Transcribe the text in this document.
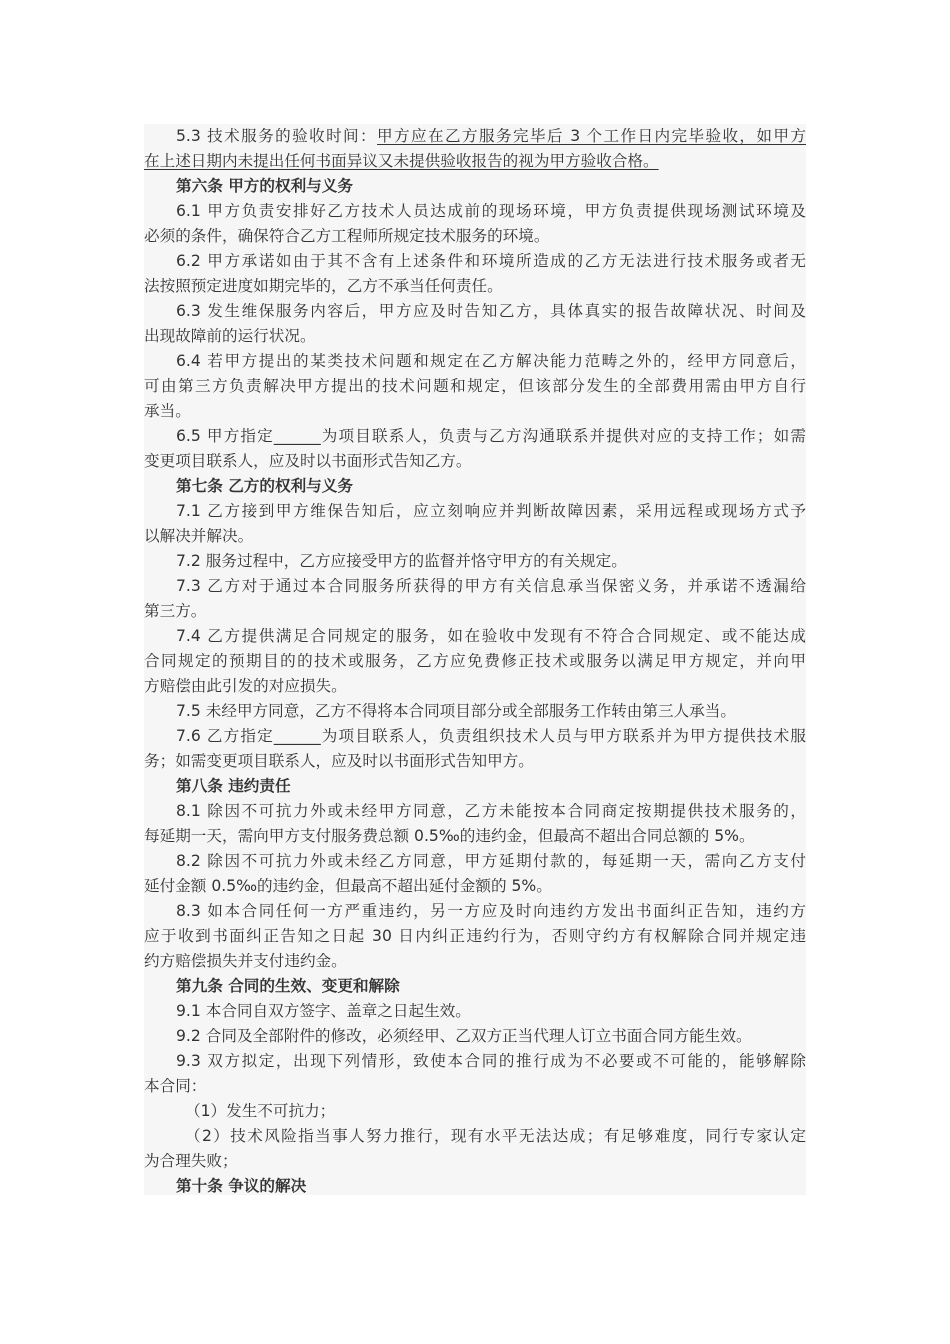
5.3 技术服务的验收时间：甲方应在乙方服务完毕后 3 个工作日内完毕验收，如甲方
在上述日期内未提出任何书面异议又未提供验收报告的视为甲方验收合格。
第六条 甲方的权利与义务
6.1 甲方负责安排好乙方技术人员达成前的现场环境，甲方负责提供现场测试环境及
必须的条件，确保符合乙方工程师所规定技术服务的环境。
6.2 甲方承诺如由于其不含有上述条件和环境所造成的乙方无法进行技术服务或者无
法按照预定进度如期完毕的，乙方不承当任何责任。
6.3 发生维保服务内容后，甲方应及时告知乙方，具体真实的报告故障状况、时间及
出现故障前的运行状况。
6.4 若甲方提出的某类技术问题和规定在乙方解决能力范畴之外的，经甲方同意后，
可由第三方负责解决甲方提出的技术问题和规定，但该部分发生的全部费用需由甲方自行
承当。
6.5 甲方指定______为项目联系人，负责与乙方沟通联系并提供对应的支持工作；如需
变更项目联系人，应及时以书面形式告知乙方。
第七条 乙方的权利与义务
7.1 乙方接到甲方维保告知后，应立刻响应并判断故障因素，采用远程或现场方式予
以解决并解决。
7.2 服务过程中，乙方应接受甲方的监督并恪守甲方的有关规定。
7.3 乙方对于通过本合同服务所获得的甲方有关信息承当保密义务，并承诺不透漏给
第三方。
7.4 乙方提供满足合同规定的服务，如在验收中发现有不符合合同规定、或不能达成
合同规定的预期目的的技术或服务，乙方应免费修正技术或服务以满足甲方规定，并向甲
方赔偿由此引发的对应损失。
7.5 未经甲方同意，乙方不得将本合同项目部分或全部服务工作转由第三人承当。
7.6 乙方指定______为项目联系人，负责组织技术人员与甲方联系并为甲方提供技术服
务；如需变更项目联系人，应及时以书面形式告知甲方。
第八条 违约责任
8.1 除因不可抗力外或未经甲方同意，乙方未能按本合同商定按期提供技术服务的，
每延期一天，需向甲方支付服务费总额 0.5‰的违约金，但最高不超出合同总额的 5%。
8.2 除因不可抗力外或未经乙方同意，甲方延期付款的，每延期一天，需向乙方支付
延付金额 0.5‰的违约金，但最高不超出延付金额的 5%。
8.3 如本合同任何一方严重违约，另一方应及时向违约方发出书面纠正告知，违约方
应于收到书面纠正告知之日起 30 日内纠正违约行为，否则守约方有权解除合同并规定违
约方赔偿损失并支付违约金。
第九条 合同的生效、变更和解除
9.1 本合同自双方签字、盖章之日起生效。
9.2 合同及全部附件的修改，必须经甲、乙双方正当代理人订立书面合同方能生效。
9.3 双方拟定，出现下列情形，致使本合同的推行成为不必要或不可能的，能够解除
本合同：
（1）发生不可抗力；
（2）技术风险指当事人努力推行，现有水平无法达成；有足够难度，同行专家认定
为合理失败；
第十条 争议的解决
